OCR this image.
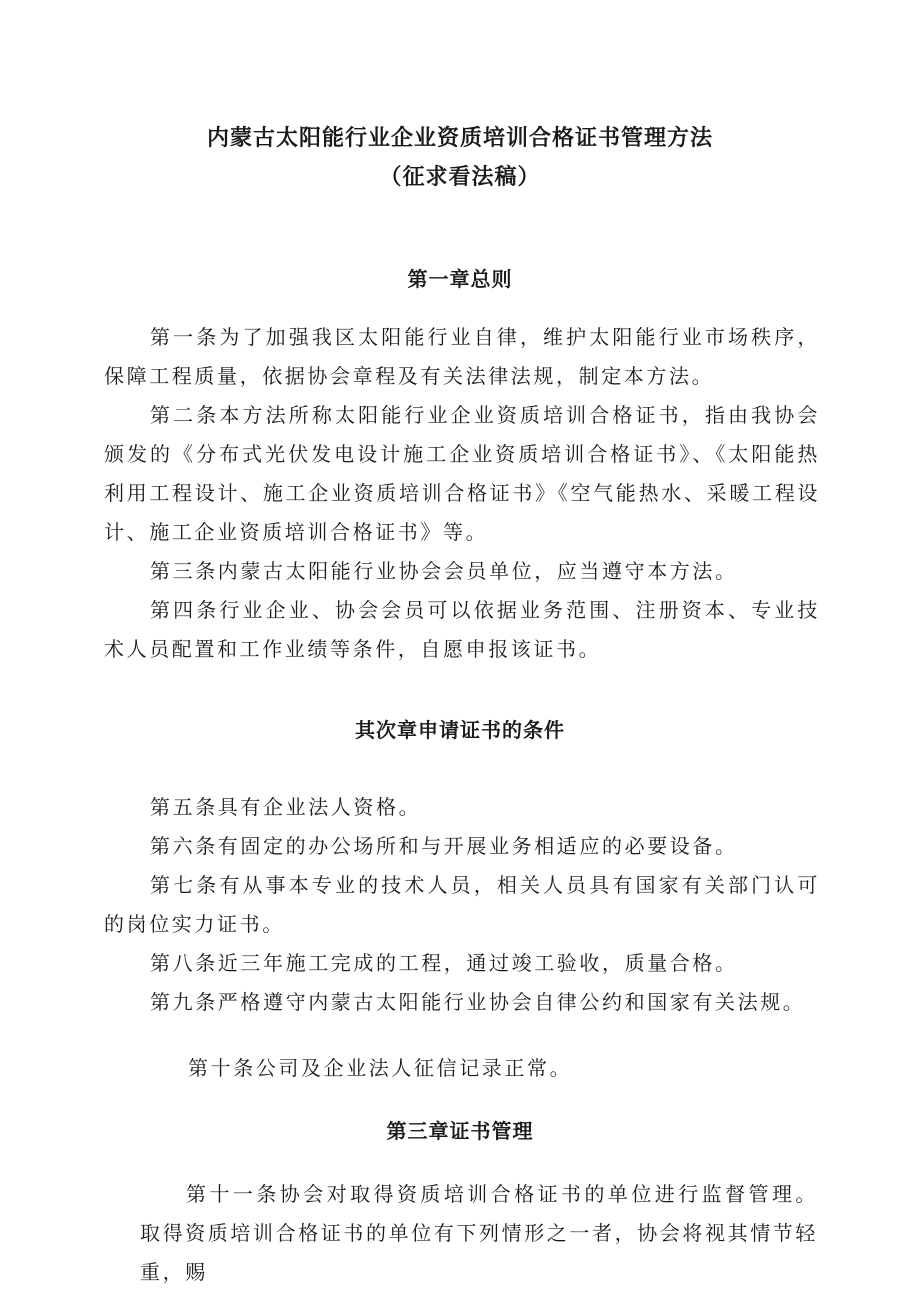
内蒙古太阳能行业企业资质培训合格证书管理方法
（征求看法稿）
第一章总则
第一条为了加强我区太阳能行业自律，维护太阳能行业市场秩序，保障工程质量，依据协会章程及有关法律法规，制定本方法。
第二条本方法所称太阳能行业企业资质培训合格证书，指由我协会颁发的《分布式光伏发电设计施工企业资质培训合格证书》、《太阳能热利用工程设计、施工企业资质培训合格证书》《空气能热水、采暖工程设计、施工企业资质培训合格证书》等。
第三条内蒙古太阳能行业协会会员单位，应当遵守本方法。
第四条行业企业、协会会员可以依据业务范围、注册资本、专业技术人员配置和工作业绩等条件，自愿申报该证书。
其次章申请证书的条件
第五条具有企业法人资格。
第六条有固定的办公场所和与开展业务相适应的必要设备。
第七条有从事本专业的技术人员，相关人员具有国家有关部门认可的岗位实力证书。
第八条近三年施工完成的工程，通过竣工验收，质量合格。
第九条严格遵守内蒙古太阳能行业协会自律公约和国家有关法规。
第十条公司及企业法人征信记录正常。
第三章证书管理
第十一条协会对取得资质培训合格证书的单位进行监督管理。取得资质培训合格证书的单位有下列情形之一者，协会将视其情节轻重，赐
